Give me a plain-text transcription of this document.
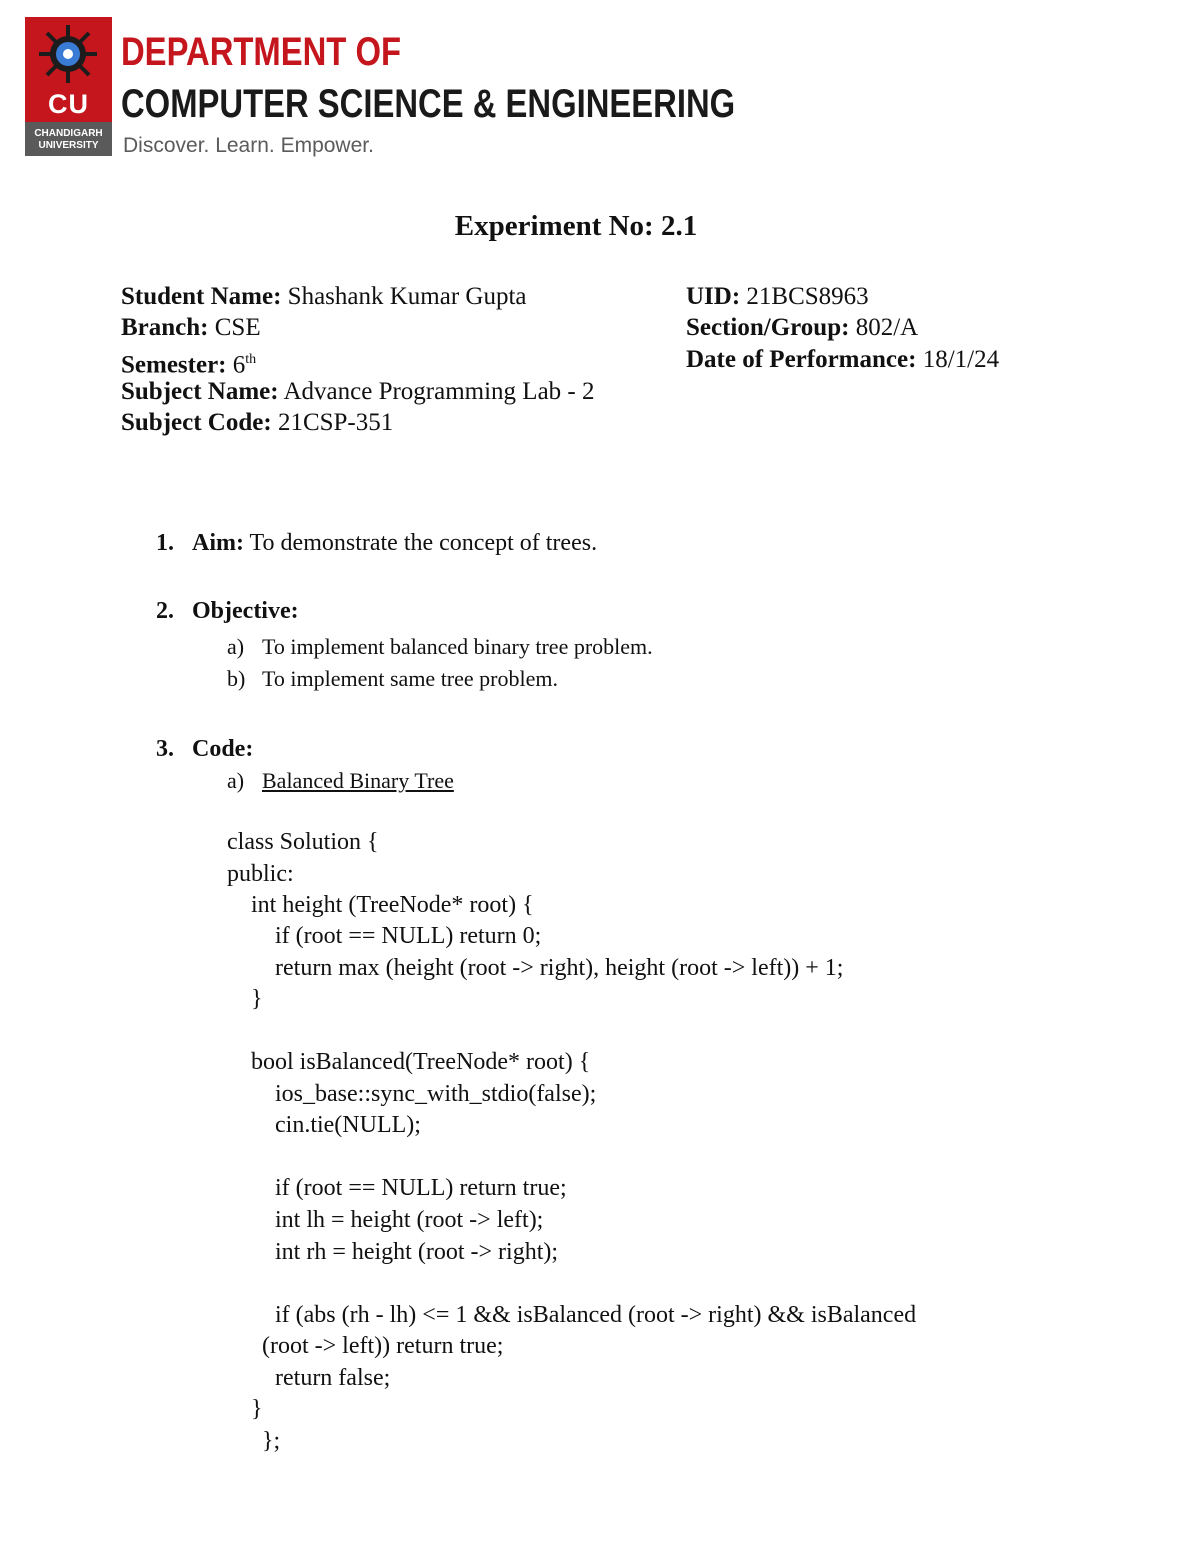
CU
CHANDIGARH
UNIVERSITY
DEPARTMENT OF
COMPUTER SCIENCE & ENGINEERING
Discover. Learn. Empower.
Experiment No: 2.1
Student Name: Shashank Kumar Gupta	UID: 21BCS8963
Branch: CSE	Section/Group: 802/A
Semester: 6th	Date of Performance: 18/1/24
Subject Name: Advance Programming Lab - 2
Subject Code: 21CSP-351
1. Aim: To demonstrate the concept of trees.
2. Objective:
a) To implement balanced binary tree problem.
b) To implement same tree problem.
3. Code:
a) Balanced Binary Tree
class Solution {
public:
int height (TreeNode* root) {
if (root == NULL) return 0;
return max (height (root -> right), height (root -> left)) + 1;
}
bool isBalanced(TreeNode* root) {
ios_base::sync_with_stdio(false);
cin.tie(NULL);
if (root == NULL) return true;
int lh = height (root -> left);
int rh = height (root -> right);
if (abs (rh - lh) <= 1 && isBalanced (root -> right) && isBalanced
(root -> left)) return true;
return false;
}
};
